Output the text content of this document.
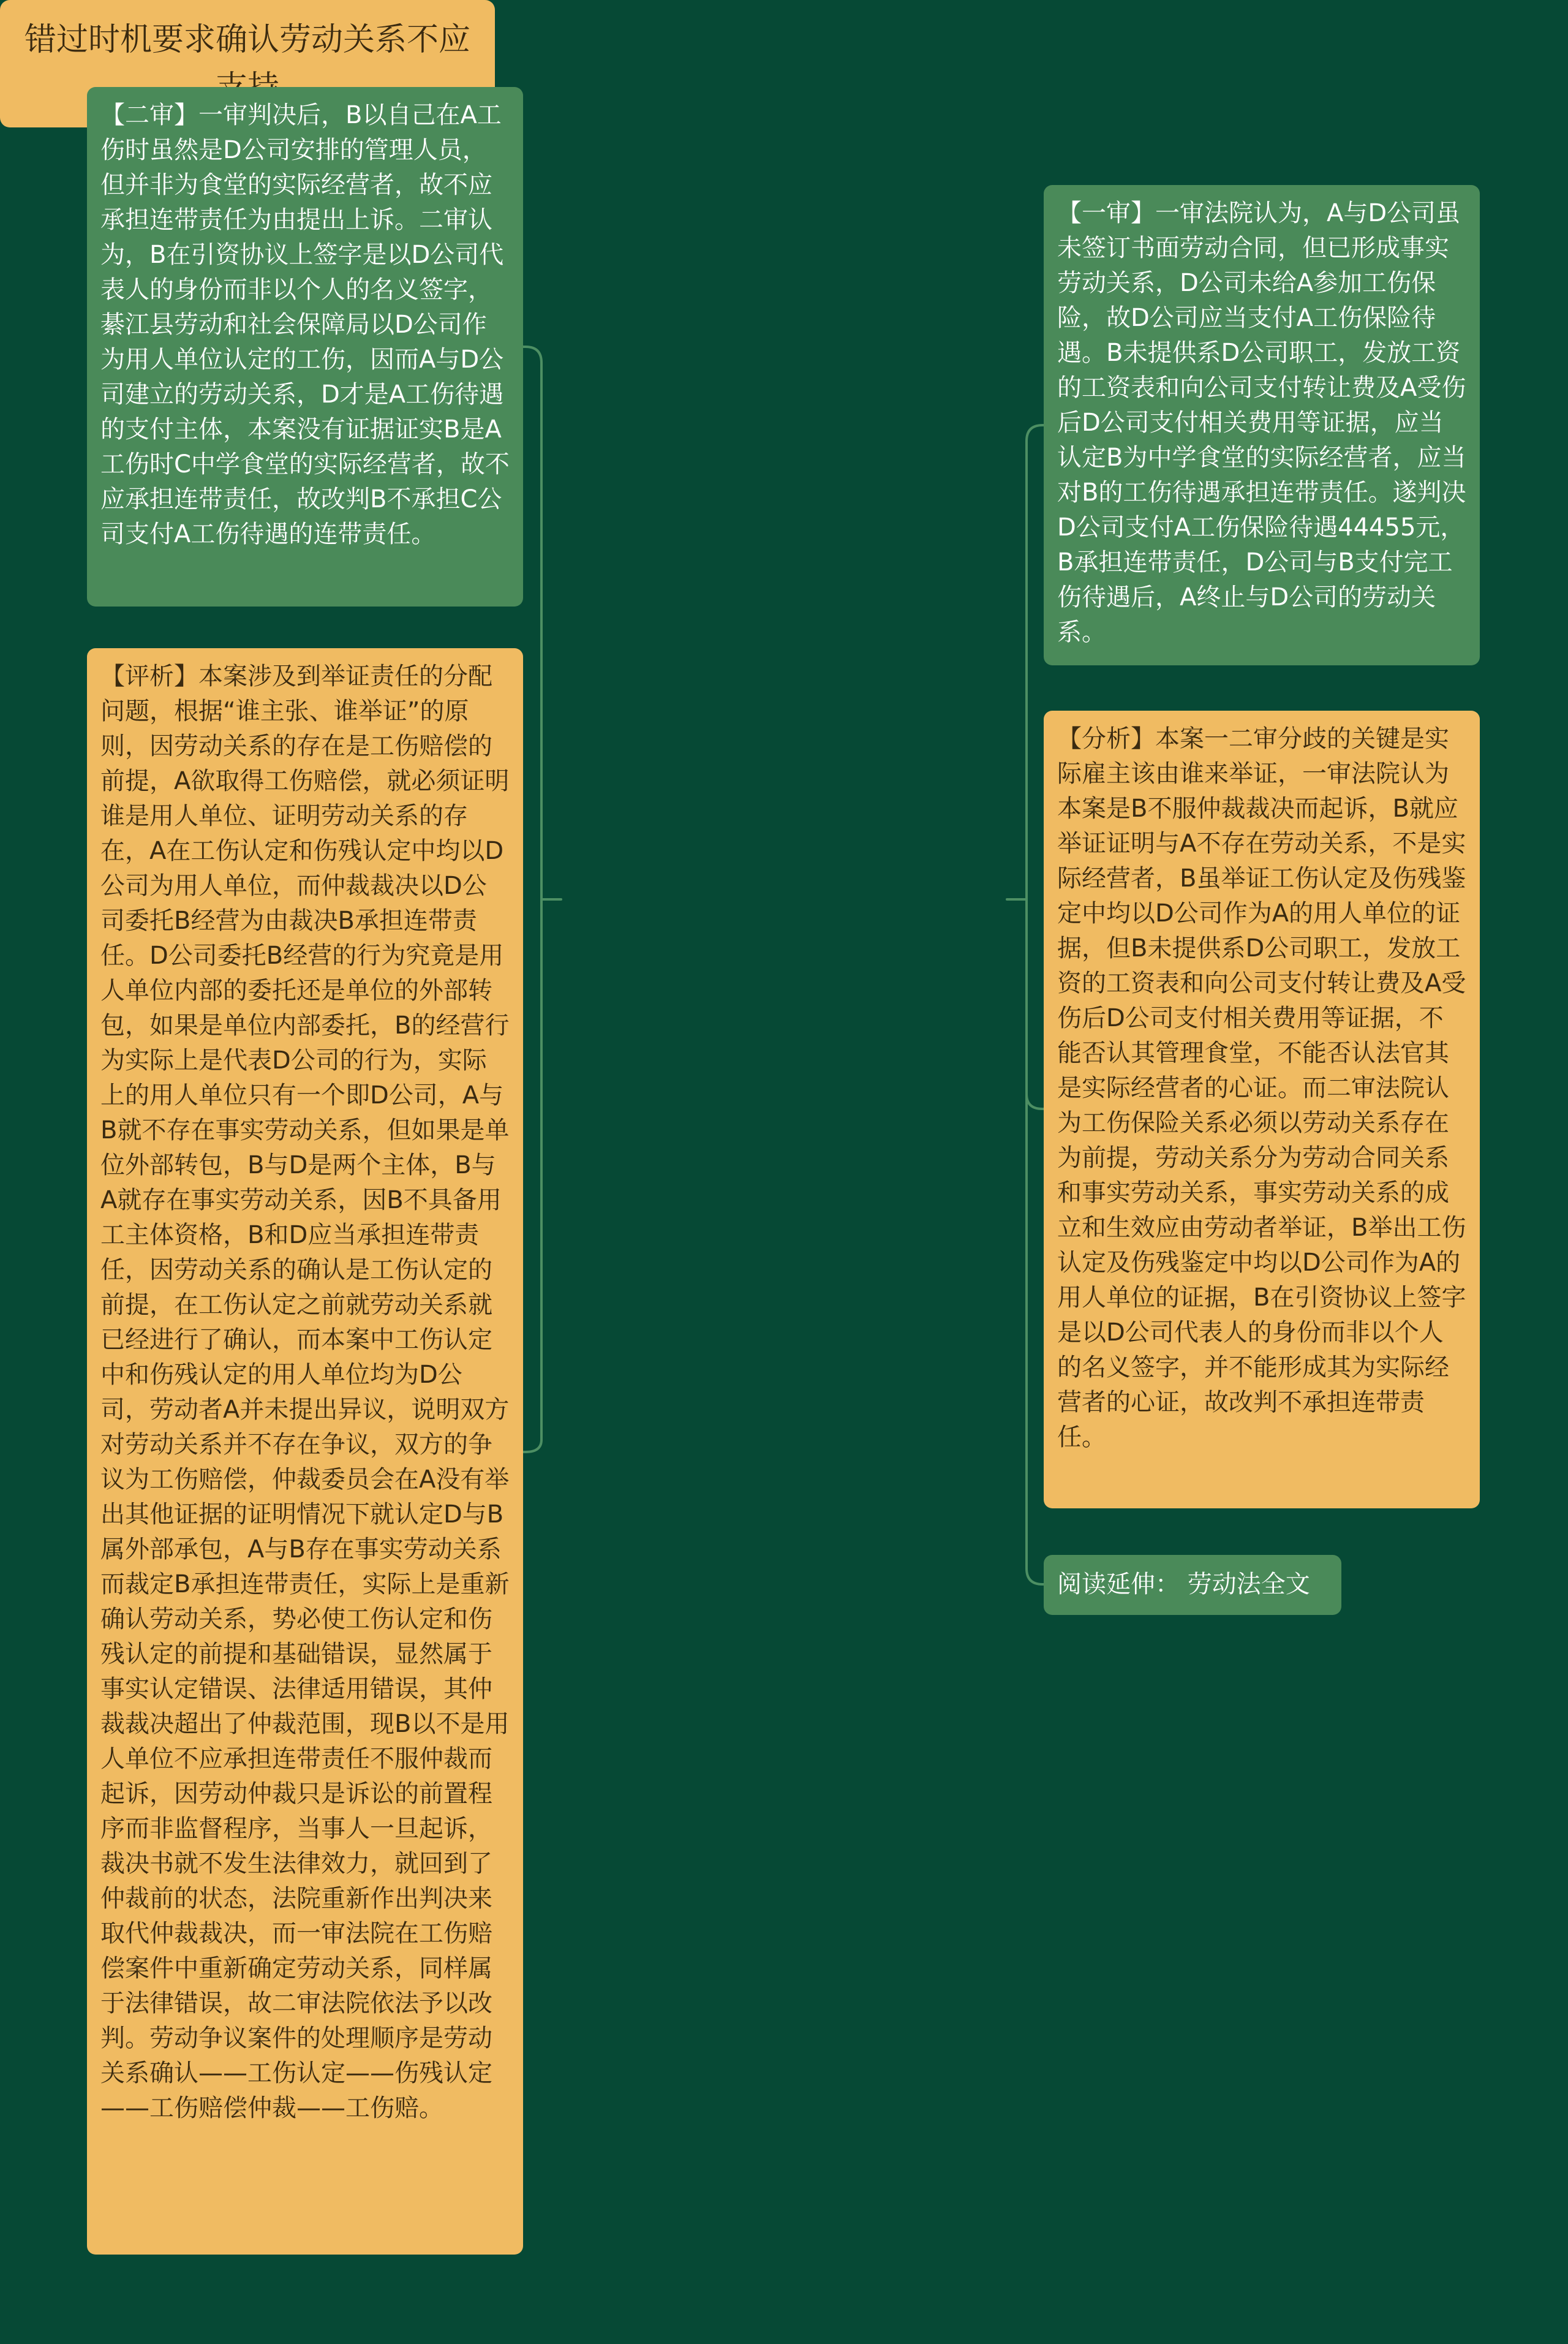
错过时机要求确认劳动关系不应
【二审】一审判决后，B以自己在A工伤时虽然是D公司安排的管理人员，但并非为食堂的实际经营者，故不应承担连带责任为由提出上诉。二审认为，B在引资协议上签字是以D公司代表人的身份而非以个人的名义签字，綦江县劳动和社会保障局以D公司作为用人单位认定的工伤，因而A与D公司建立的劳动关系，D才是A工伤待遇的支付主体，本案没有证据证实B是A工伤时C中学食堂的实际经营者，故不应承担连带责任，故改判B不承担C公司支付A工伤待遇的连带责任。
【评析】本案涉及到举证责任的分配问题，根据“谁主张、谁举证”的原则，因劳动关系的存在是工伤赔偿的前提，A欲取得工伤赔偿，就必须证明谁是用人单位、证明劳动关系的存在，A在工伤认定和伤残认定中均以D公司为用人单位，而仲裁裁决以D公司委托B经营为由裁决B承担连带责任。D公司委托B经营的行为究竟是用人单位内部的委托还是单位的外部转包，如果是单位内部委托，B的经营行为实际上是代表D公司的行为，实际上的用人单位只有一个即D公司，A与B就不存在事实劳动关系，但如果是单位外部转包，B与D是两个主体，B与A就存在事实劳动关系，因B不具备用工主体资格，B和D应当承担连带责任，因劳动关系的确认是工伤认定的前提，在工伤认定之前就劳动关系就已经进行了确认，而本案中工伤认定中和伤残认定的用人单位均为D公司，劳动者A并未提出异议，说明双方对劳动关系并不存在争议，双方的争议为工伤赔偿，仲裁委员会在A没有举出其他证据的证明情况下就认定D与B属外部承包，A与B存在事实劳动关系而裁定B承担连带责任，实际上是重新确认劳动关系，势必使工伤认定和伤残认定的前提和基础错误，显然属于事实认定错误、法律适用错误，其仲裁裁决超出了仲裁范围，现B以不是用人单位不应承担连带责任不服仲裁而起诉，因劳动仲裁只是诉讼的前置程序而非监督程序，当事人一旦起诉，裁决书就不发生法律效力，就回到了仲裁前的状态，法院重新作出判决来取代仲裁裁决，而一审法院在工伤赔偿案件中重新确定劳动关系，同样属于法律错误，故二审法院依法予以改判。劳动争议案件的处理顺序是劳动关系确认——工伤认定——伤残认定——工伤赔偿仲裁——工伤赔。
【一审】一审法院认为，A与D公司虽未签订书面劳动合同，但已形成事实劳动关系，D公司未给A参加工伤保险，故D公司应当支付A工伤保险待遇。B未提供系D公司职工，发放工资的工资表和向公司支付转让费及A受伤后D公司支付相关费用等证据，应当认定B为中学食堂的实际经营者，应当对B的工伤待遇承担连带责任。遂判决D公司支付A工伤保险待遇44455元，B承担连带责任，D公司与B支付完工伤待遇后，A终止与D公司的劳动关系。
【分析】本案一二审分歧的关键是实际雇主该由谁来举证，一审法院认为本案是B不服仲裁裁决而起诉，B就应举证证明与A不存在劳动关系，不是实际经营者，B虽举证工伤认定及伤残鉴定中均以D公司作为A的用人单位的证据，但B未提供系D公司职工，发放工资的工资表和向公司支付转让费及A受伤后D公司支付相关费用等证据，不能否认其管理食堂，不能否认法官其是实际经营者的心证。而二审法院认为工伤保险关系必须以劳动关系存在为前提，劳动关系分为劳动合同关系和事实劳动关系，事实劳动关系的成立和生效应由劳动者举证，B举出工伤认定及伤残鉴定中均以D公司作为A的用人单位的证据，B在引资协议上签字是以D公司代表人的身份而非以个人的名义签字，并不能形成其为实际经营者的心证，故改判不承担连带责任。
阅读延伸： 劳动法全文
